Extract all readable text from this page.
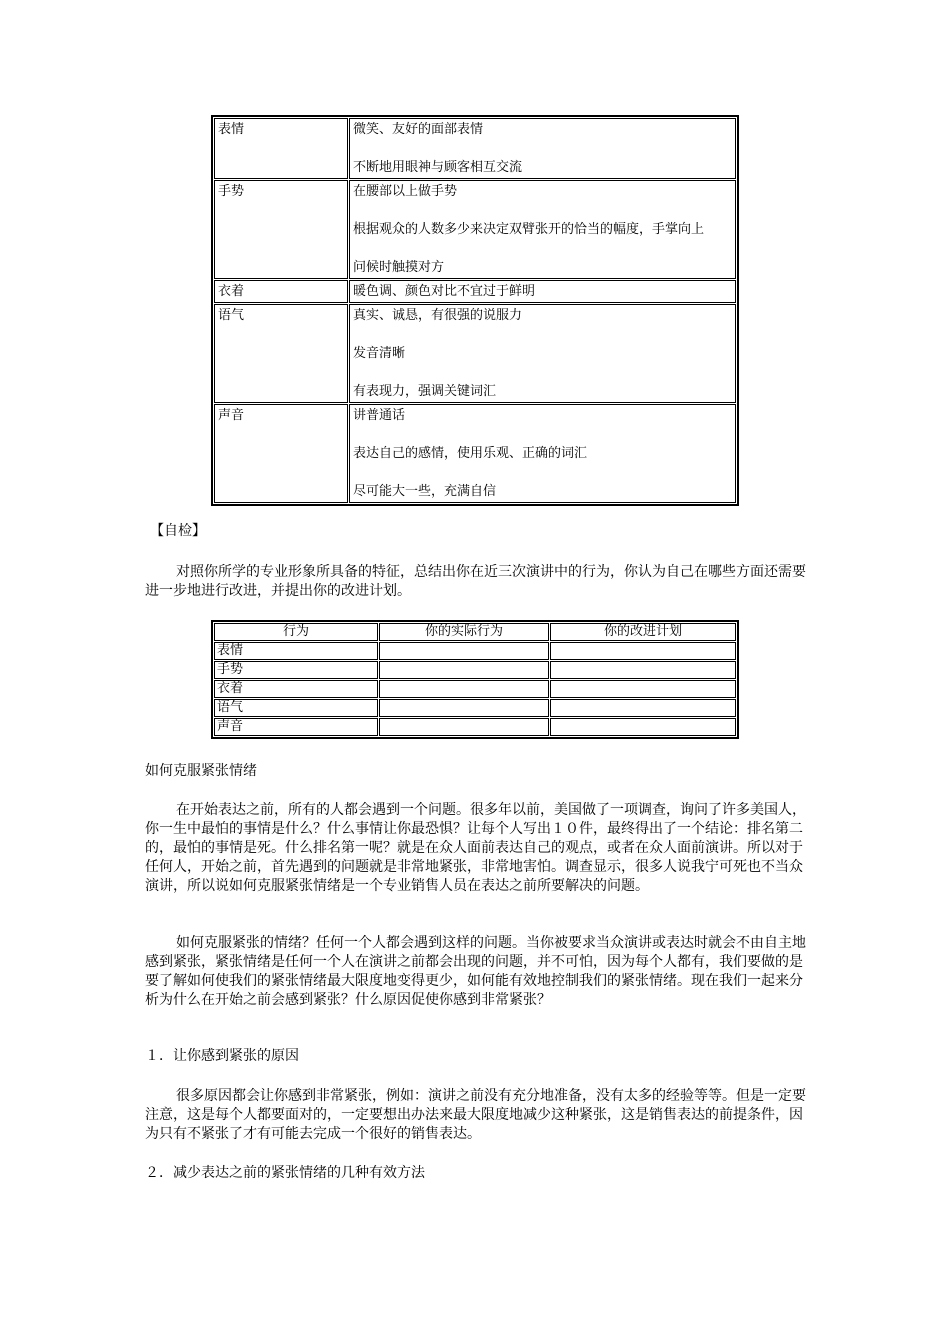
表情	微笑、友好的面部表情
不断地用眼神与顾客相互交流

手势	在腰部以上做手势
根据观众的人数多少来决定双臂张开的恰当的幅度，手掌向上
问候时触摸对方

衣着	暖色调、颜色对比不宜过于鲜明

语气	真实、诚恳，有很强的说服力
发音清晰
有表现力，强调关键词汇

声音	讲普通话
表达自己的感情，使用乐观、正确的词汇
尽可能大一些，充满自信
【自检】

对照你所学的专业形象所具备的特征，总结出你在近三次演讲中的行为，你认为自己在哪些方面还需要进一步地进行改进，并提出你的改进计划。

行为	你的实际行为	你的改进计划
表情		
手势		
衣着		
语气		
声音		
如何克服紧张情绪

在开始表达之前，所有的人都会遇到一个问题。很多年以前，美国做了一项调查，询问了许多美国人，你一生中最怕的事情是什么？什么事情让你最恐惧？让每个人写出１０件，最终得出了一个结论：排名第二的，最怕的事情是死。什么排名第一呢？就是在众人面前表达自己的观点，或者在众人面前演讲。所以对于任何人，开始之前，首先遇到的问题就是非常地紧张，非常地害怕。调查显示，很多人说我宁可死也不当众演讲，所以说如何克服紧张情绪是一个专业销售人员在表达之前所要解决的问题。

如何克服紧张的情绪？任何一个人都会遇到这样的问题。当你被要求当众演讲或表达时就会不由自主地感到紧张，紧张情绪是任何一个人在演讲之前都会出现的问题，并不可怕，因为每个人都有，我们要做的是要了解如何使我们的紧张情绪最大限度地变得更少，如何能有效地控制我们的紧张情绪。现在我们一起来分析为什么在开始之前会感到紧张？什么原因促使你感到非常紧张？

１．让你感到紧张的原因

很多原因都会让你感到非常紧张，例如：演讲之前没有充分地准备，没有太多的经验等等。但是一定要注意，这是每个人都要面对的，一定要想出办法来最大限度地减少这种紧张，这是销售表达的前提条件，因为只有不紧张了才有可能去完成一个很好的销售表达。

２．减少表达之前的紧张情绪的几种有效方法
